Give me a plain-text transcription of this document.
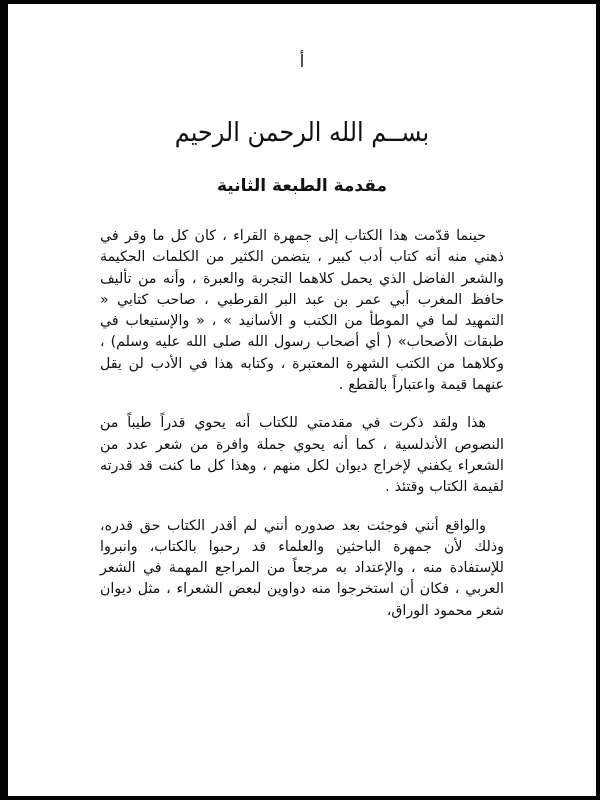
أ
بســم الله الرحمن الرحيم
مقدمة الطبعة الثانية

حينما قدّمت هذا الكتاب إلى جمهرة القراء ، كان كل ما وقر في ذهني منه أنه كتاب أدب كبير ، يتضمن الكثير من الكلمات الحكيمة والشعر الفاضل الذي يحمل كلاهما التجربة والعبرة ، وأنه من تأليف حافظ المغرب أبي عمر بن عبد البر القرطبي ، صاحب كتابي « التمهيد لما في الموطأ من الكتب و الأسانيد » ، « والإستيعاب في طبقات الأصحاب» ( أي أصحاب رسول الله صلى الله عليه وسلم) ، وكلاهما من الكتب الشهرة المعتبرة ، وكتابه هذا في الأدب لن يقل عنهما قيمة واعتباراً بالقطع .

هذا ولقد ذكرت في مقدمتي للكتاب أنه يحوي قدراً طيباً من النصوص الأندلسية ، كما أنه يحوي جملة وافرة من شعر عدد من الشعراء يكفني لإخراج ديوان لكل منهم ، وهذا كل ما كنت قد قدرته لقيمة الكتاب وقتئذ .

والواقع أنني فوجئت بعد صدوره أنني لم أقدر الكتاب حق قدره، وذلك لأن جمهرة الباحثين والعلماء قد رحبوا بالكتاب، وانبروا للإستفادة منه ، والإعتداد به مرجعاً من المراجع المهمة في الشعر العربي ، فكان أن استخرجوا منه دواوين لبعض الشعراء ، مثل ديوان شعر محمود الوراق،
